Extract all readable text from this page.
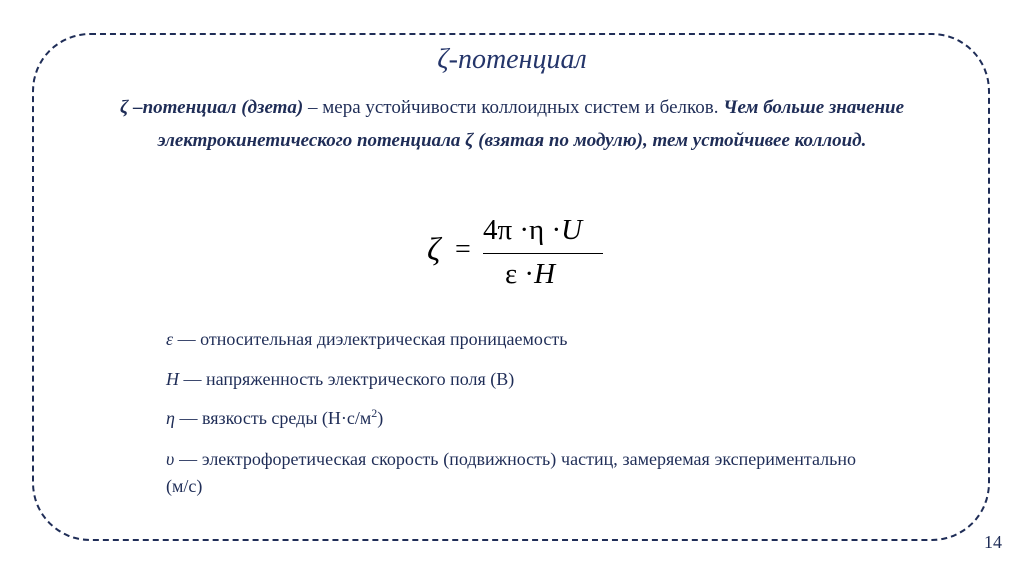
ζ-потенциал
ζ –потенциал (дзета) – мера устойчивости коллоидных систем и белков. Чем больше значение электрокинетического потенциала ζ (взятая по модулю), тем устойчивее коллоид.
ζ =
4π ·η ·U
ε ·H
ε — относительная диэлектрическая проницаемость
H — напряженность электрического поля (В)
η — вязкость среды $(Н\cdot с/м^2)$
υ — электрофоретическая скорость (подвижность) частиц, замеряемая экспериментально (м/с)
14
